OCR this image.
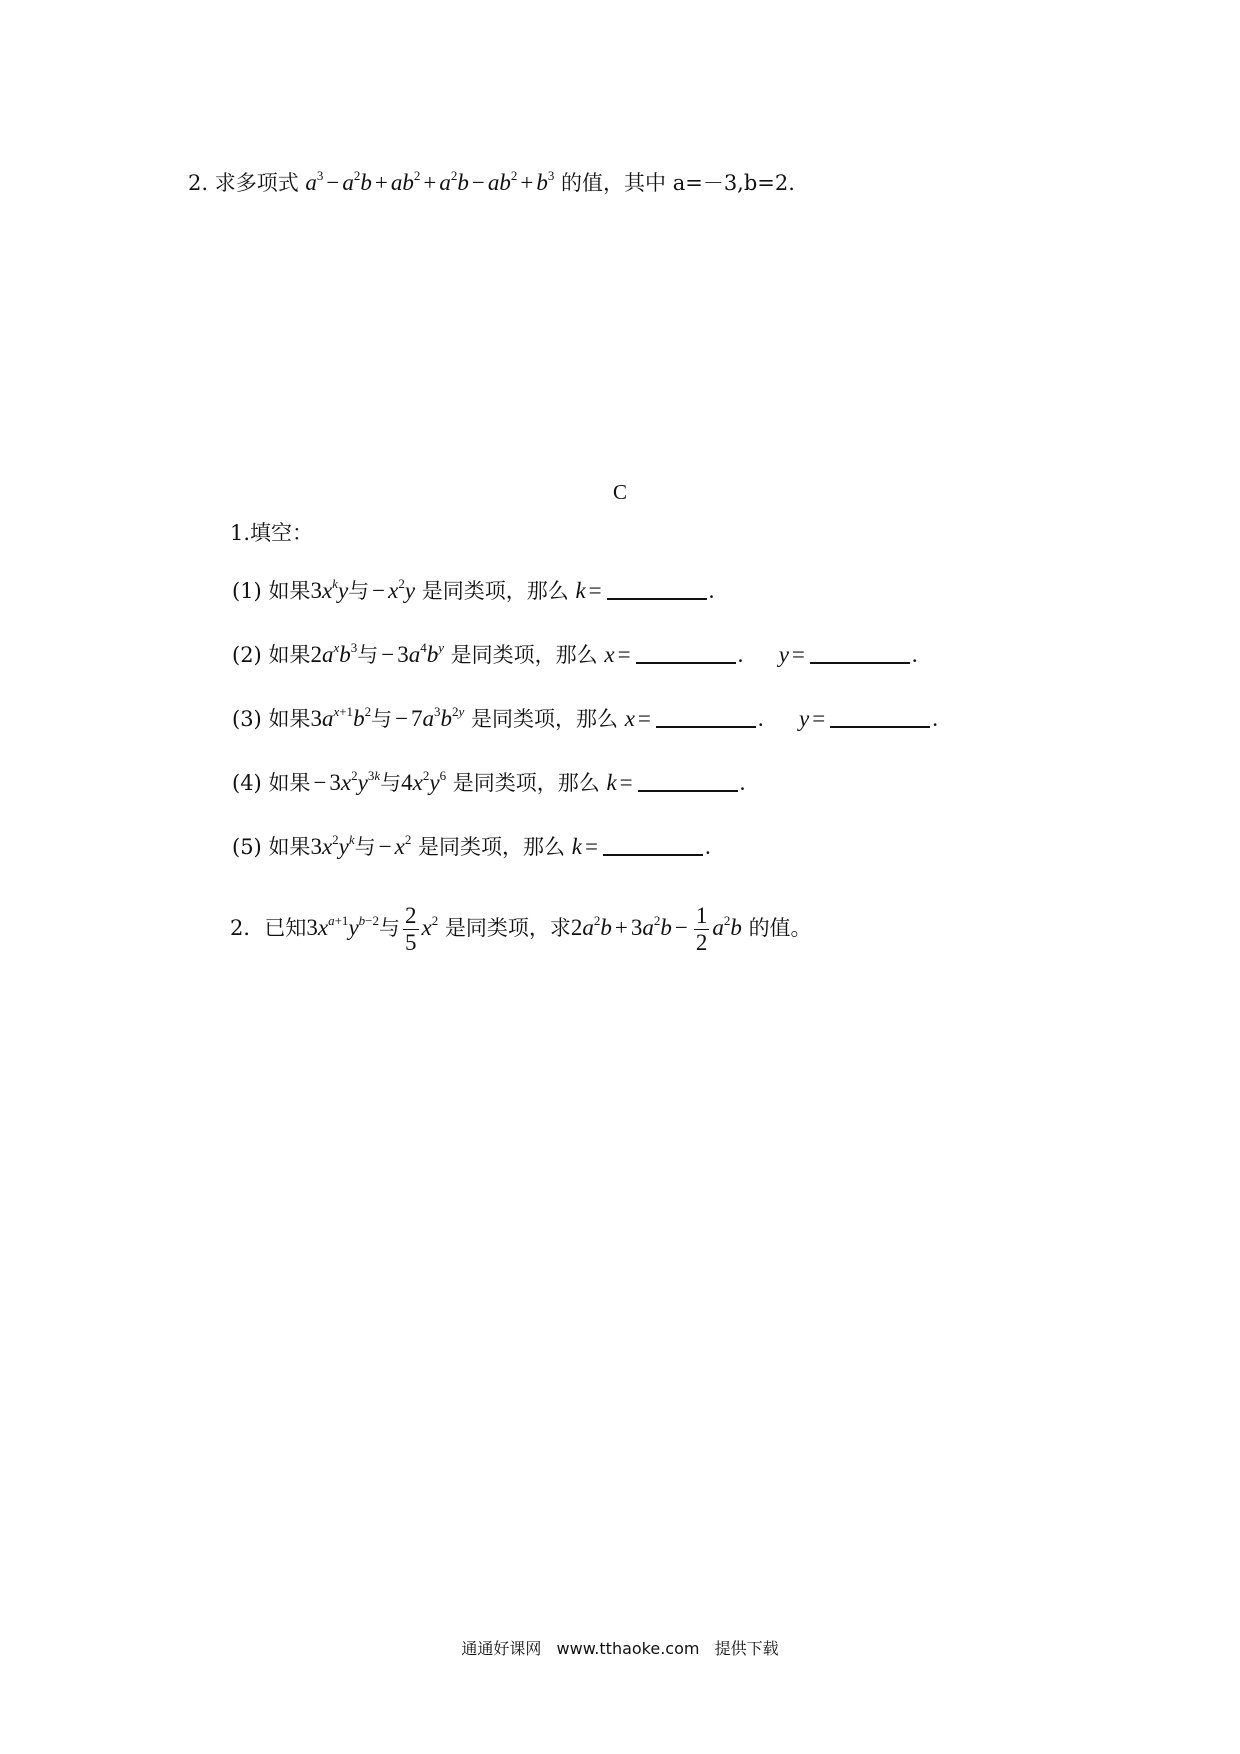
2. 求多项式 $a^3 - a^2b + ab^2 + a^2b - ab^2 + b^3$ 的值，其中 a=－3,b=2.
C
1.填空：
(1) 如果$3x^ky$与 − $x^2y$ 是同类项，那么 k =	.
(2) 如果$2a^xb^3$与 − $3a^4b^y$ 是同类项，那么 x =	. y =	.
(3) 如果$3a^{x+1}b^2$与 − $7a^3b^{2y}$ 是同类项，那么 x =	. y =	.
(4) 如果 − $3x^2y^{3k}$与$4x^2y^6$ 是同类项，那么 k =	.
(5) 如果$3x^2y^k$与 − $x^2$ 是同类项，那么 k =	.
2．已知$3x^{a+1}y^{b-2}$与 $\frac{2}{5} x^2$ 是同类项，求$2a^2b + 3a^2b - \frac{1}{2} a^2b$ 的值。
通通好课网 www.tthaoke.com 提供下载
